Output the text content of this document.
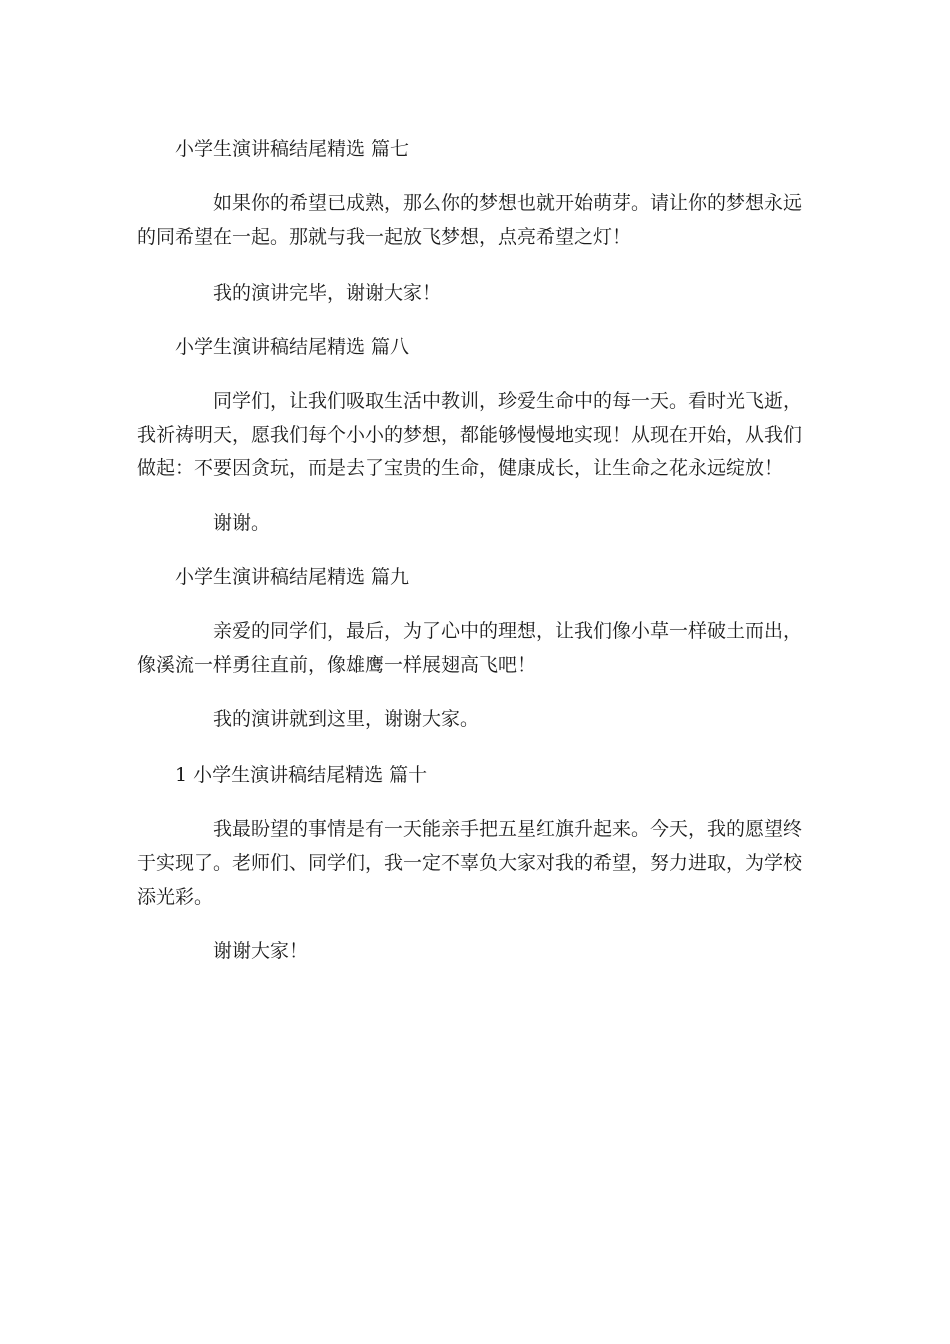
小学生演讲稿结尾精选 篇七

如果你的希望已成熟，那么你的梦想也就开始萌芽。请让你的梦想永远

的同希望在一起。那就与我一起放飞梦想，点亮希望之灯！

我的演讲完毕，谢谢大家！

小学生演讲稿结尾精选 篇八

同学们，让我们吸取生活中教训，珍爱生命中的每一天。看时光飞逝，

我祈祷明天，愿我们每个小小的梦想，都能够慢慢地实现！从现在开始，从我们

做起：不要因贪玩，而是去了宝贵的生命，健康成长，让生命之花永远绽放！

谢谢。

小学生演讲稿结尾精选 篇九

亲爱的同学们，最后，为了心中的理想，让我们像小草一样破土而出，

像溪流一样勇往直前，像雄鹰一样展翅高飞吧！

我的演讲就到这里，谢谢大家。

1 小学生演讲稿结尾精选 篇十

我最盼望的事情是有一天能亲手把五星红旗升起来。今天，我的愿望终

于实现了。老师们、同学们，我一定不辜负大家对我的希望，努力进取，为学校

添光彩。

谢谢大家！
